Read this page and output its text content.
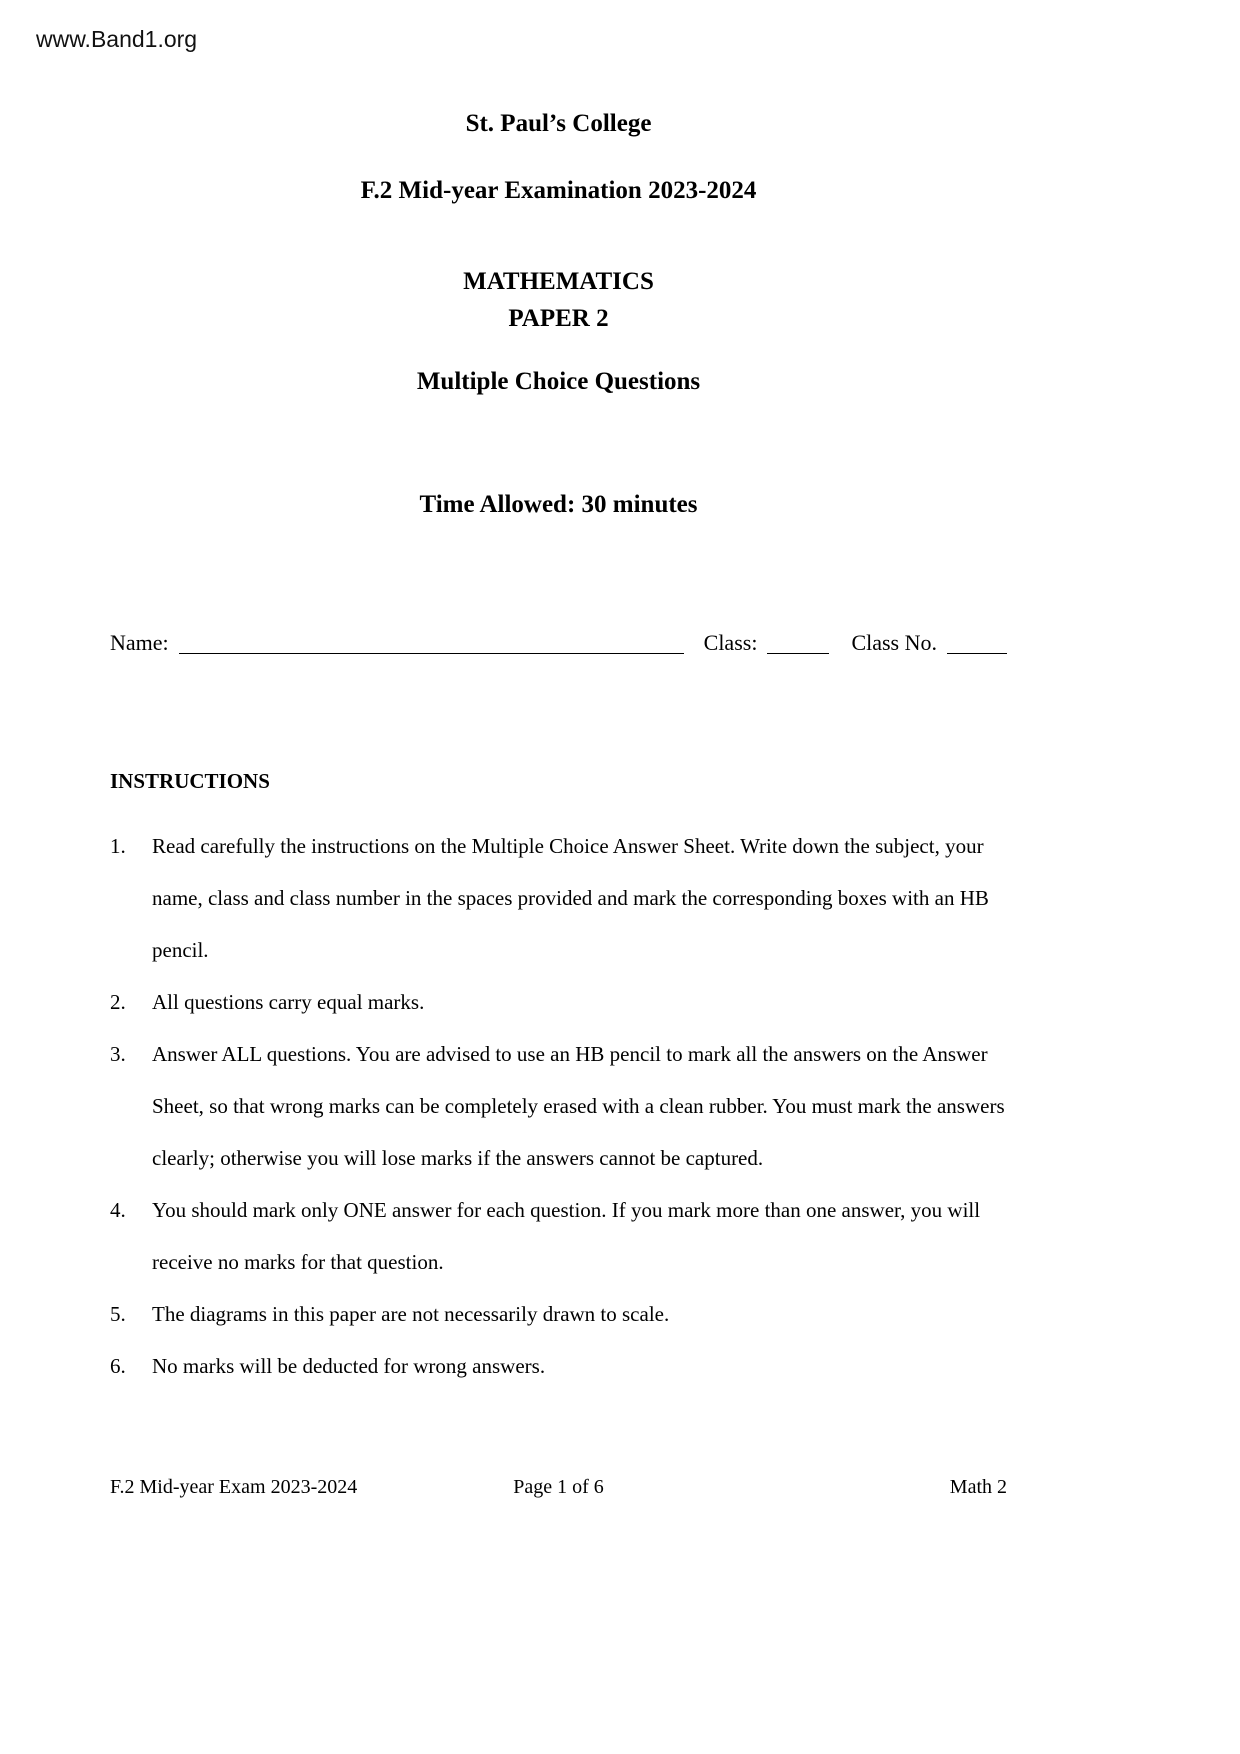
www.Band1.org
St. Paul’s College
F.2 Mid-year Examination 2023-2024
MATHEMATICS
PAPER 2
Multiple Choice Questions
Time Allowed: 30 minutes
Name:	Class:	Class No.
INSTRUCTIONS
1.	Read carefully the instructions on the Multiple Choice Answer Sheet. Write down the subject, your name, class and class number in the spaces provided and mark the corresponding boxes with an HB pencil.
2.	All questions carry equal marks.
3.	Answer ALL questions. You are advised to use an HB pencil to mark all the answers on the Answer Sheet, so that wrong marks can be completely erased with a clean rubber. You must mark the answers clearly; otherwise you will lose marks if the answers cannot be captured.
4.	You should mark only ONE answer for each question. If you mark more than one answer, you will receive no marks for that question.
5.	The diagrams in this paper are not necessarily drawn to scale.
6.	No marks will be deducted for wrong answers.
F.2 Mid-year Exam 2023-2024	Page 1 of 6	Math 2
